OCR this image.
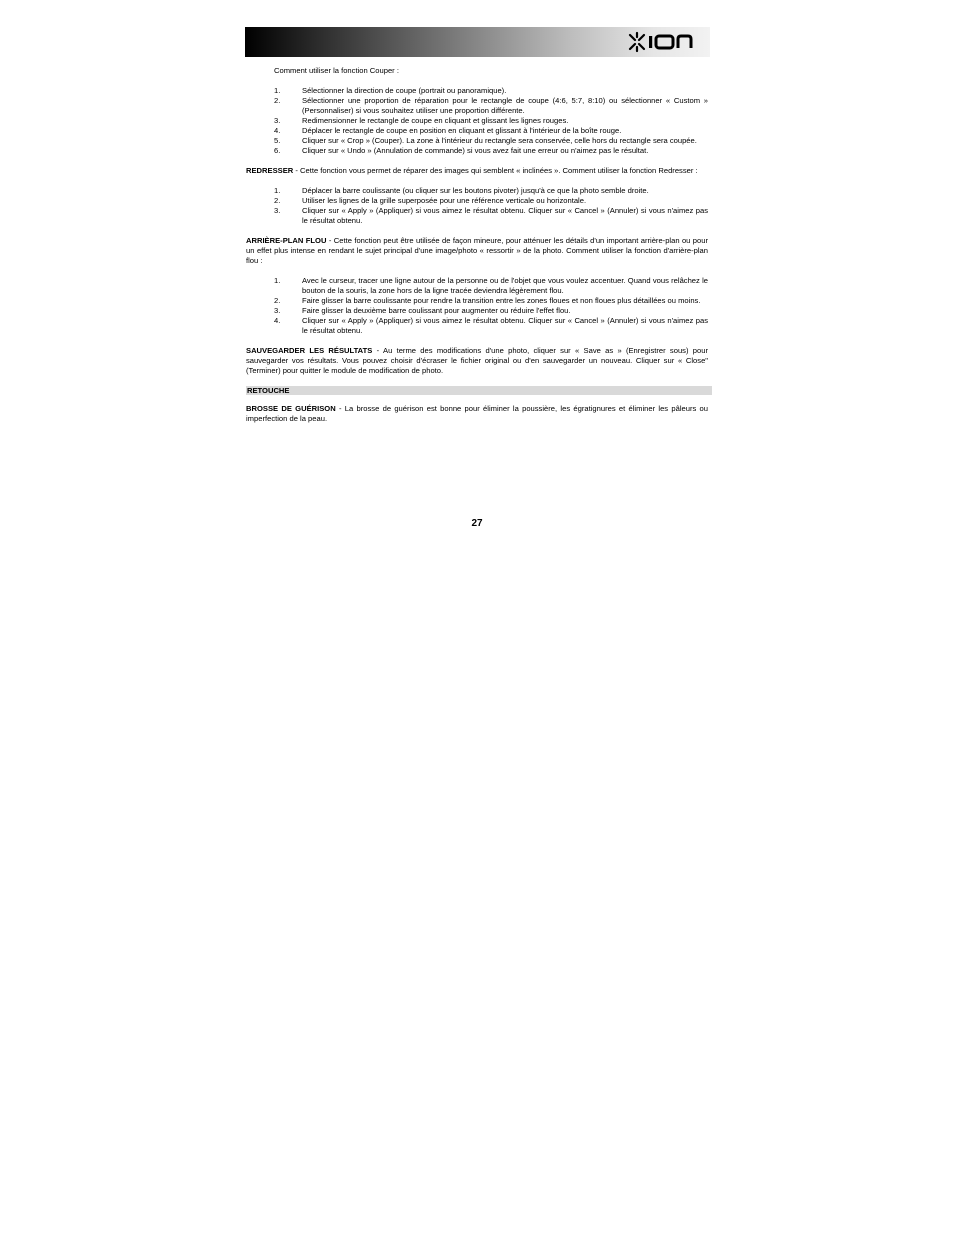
Comment utiliser la fonction Couper :
1.	Sélectionner la direction de coupe (portrait ou panoramique).
2.	Sélectionner une proportion de réparation pour le rectangle de coupe (4:6, 5:7, 8:10) ou sélectionner « Custom » (Personnaliser) si vous souhaitez utiliser une proportion différente.
3.	Redimensionner le rectangle de coupe en cliquant et glissant les lignes rouges.
4.	Déplacer le rectangle de coupe en position en cliquant et glissant à l'intérieur de la boîte rouge.
5.	Cliquer sur « Crop » (Couper). La zone à l'intérieur du rectangle sera conservée, celle hors du rectangle sera coupée.
6.	Cliquer sur « Undo » (Annulation de commande) si vous avez fait une erreur ou n'aimez pas le résultat.

REDRESSER - Cette fonction vous permet de réparer des images qui semblent « inclinées ». Comment utiliser la fonction Redresser :

1.	Déplacer la barre coulissante (ou cliquer sur les boutons pivoter) jusqu'à ce que la photo semble droite.
2.	Utiliser les lignes de la grille superposée pour une référence verticale ou horizontale.
3.	Cliquer sur « Apply » (Appliquer) si vous aimez le résultat obtenu. Cliquer sur « Cancel » (Annuler) si vous n'aimez pas le résultat obtenu.

ARRIÈRE-PLAN FLOU - Cette fonction peut être utilisée de façon mineure, pour atténuer les détails d'un important arrière-plan ou pour un effet plus intense en rendant le sujet principal d'une image/photo « ressortir » de la photo. Comment utiliser la fonction d'arrière-plan flou :

1.	Avec le curseur, tracer une ligne autour de la personne ou de l'objet que vous voulez accentuer. Quand vous relâchez le bouton de la souris, la zone hors de la ligne tracée deviendra légèrement flou.
2.	Faire glisser la barre coulissante pour rendre la transition entre les zones floues et non floues plus détaillées ou moins.
3.	Faire glisser la deuxième barre coulissant pour augmenter ou réduire l'effet flou.
4.	Cliquer sur « Apply » (Appliquer) si vous aimez le résultat obtenu. Cliquer sur « Cancel » (Annuler) si vous n'aimez pas le résultat obtenu.

SAUVEGARDER LES RÉSULTATS - Au terme des modifications d'une photo, cliquer sur « Save as » (Enregistrer sous) pour sauvegarder vos résultats. Vous pouvez choisir d'écraser le fichier original ou d'en sauvegarder un nouveau. Cliquer sur « Close" (Terminer) pour quitter le module de modification de photo.

RETOUCHE

BROSSE DE GUÉRISON - La brosse de guérison est bonne pour éliminer la poussière, les égratignures et éliminer les pâleurs ou imperfection de la peau.

27
